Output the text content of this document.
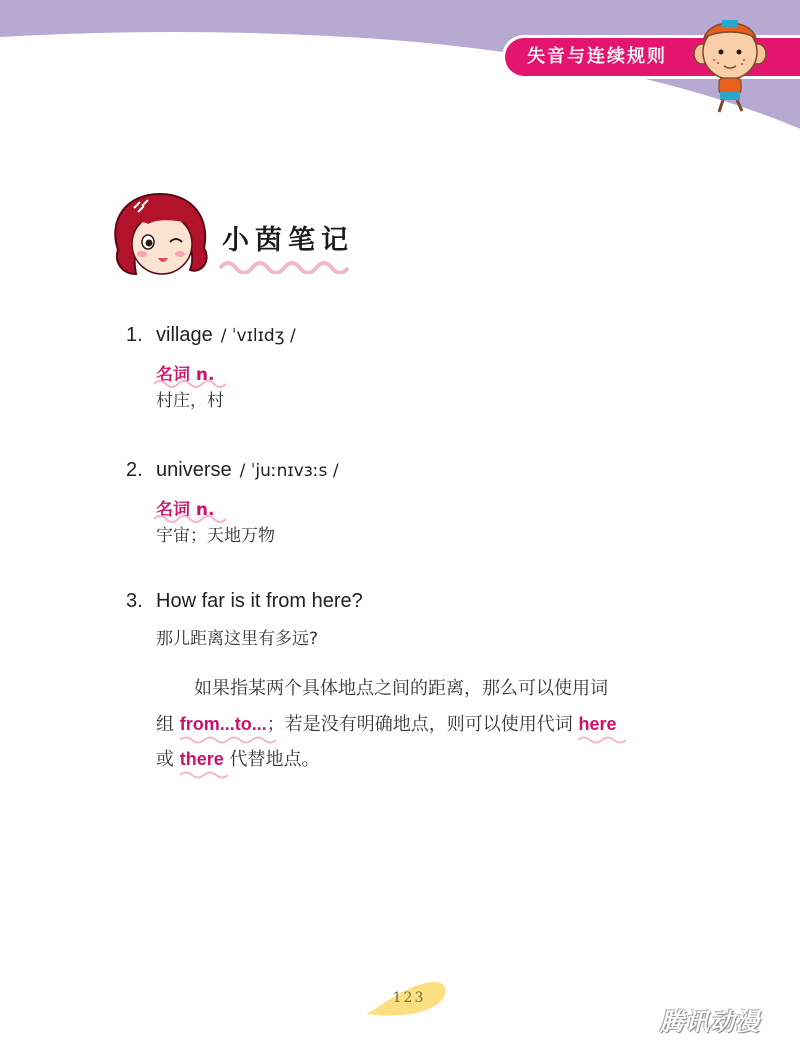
失音与连续规则
小茵笔记
1. village / ˈvɪlɪdʒ /
名词 n.
村庄，村
2. universe / ˈjuːnɪvɜːs /
名词 n.
宇宙；天地万物
3. How far is it from here?
那儿距离这里有多远?
如果指某两个具体地点之间的距离，那么可以使用词
组 from...to...
；若是没有明确地点，则可以使用代词 here
或 there
代替地点。
123
腾讯动漫
